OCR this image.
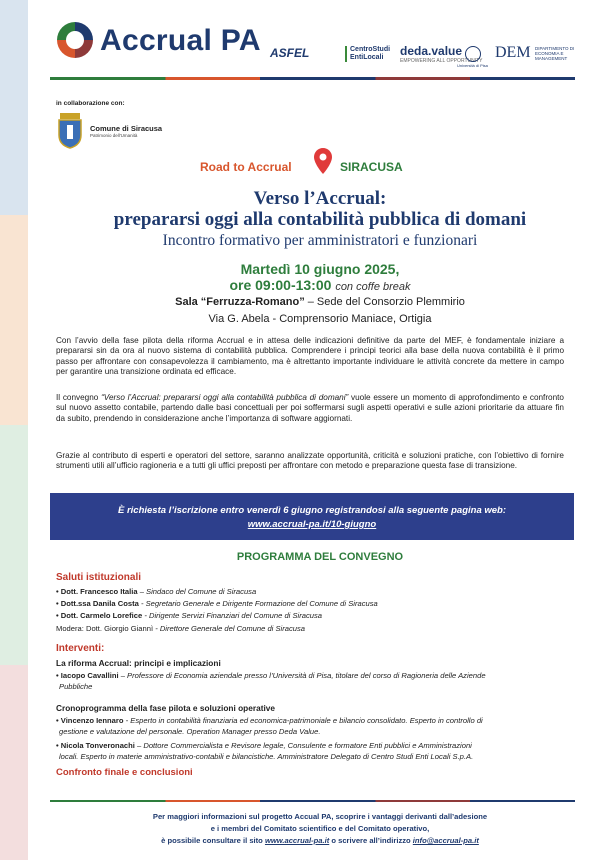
Accrual PA ASFEL	CentroStudi
EntiLocali	deda.value
EMPOWERING ALL OPPORTUNITY
Università di Pisa
DEM DIPARTIMENTO DI
ECONOMIA E
MANAGEMENT
in collaborazione con:
Comune di Siracusa
Patrimonio dell'Umanità
Road to Accrual	SIRACUSA
Verso l’Accrual:
prepararsi oggi alla contabilità pubblica di domani
Incontro formativo per amministratori e funzionari
Martedì 10 giugno 2025,
ore 09:00-13:00 con coffe break
Sala “Ferruzza-Romano” – Sede del Consorzio Plemmirio
Via G. Abela - Comprensorio Maniace, Ortigia
Con l’avvio della fase pilota della riforma Accrual e in attesa delle indicazioni definitive da parte del MEF, è fondamentale iniziare a prepararsi sin da ora al nuovo sistema di contabilità pubblica. Comprendere i principi teorici alla base della nuova contabilità è il primo passo per affrontare con consapevolezza il cambiamento, ma è altrettanto importante individuare le attività concrete da mettere in campo per garantire una transizione ordinata ed efficace.
Il convegno “Verso l’Accrual: prepararsi oggi alla contabilità pubblica di domani” vuole essere un momento di approfondimento e confronto sul nuovo assetto contabile, partendo dalle basi concettuali per poi soffermarsi sugli aspetti operativi e sulle azioni prioritarie da attuare fin da subito, prendendo in considerazione anche l’importanza di software aggiornati.
Grazie al contributo di esperti e operatori del settore, saranno analizzate opportunità, criticità e soluzioni pratiche, con l’obiettivo di fornire strumenti utili all’ufficio ragioneria e a tutti gli uffici preposti per affrontare con metodo e preparazione questa fase di transizione.
È richiesta l’iscrizione entro venerdì 6 giugno registrandosi alla seguente pagina web:
www.accrual-pa.it/10-giugno
PROGRAMMA DEL CONVEGNO
Saluti istituzionali
• Dott. Francesco Italia – Sindaco del Comune di Siracusa
• Dott.ssa Danila Costa - Segretario Generale e Dirigente Formazione del Comune di Siracusa
• Dott. Carmelo Lorefice - Dirigente Servizi Finanziari del Comune di Siracusa
Modera: Dott. Giorgio Giannì - Direttore Generale del Comune di Siracusa
Interventi:
La riforma Accrual: principi e implicazioni
• Iacopo Cavallini – Professore di Economia aziendale presso l’Università di Pisa, titolare del corso di Ragioneria delle Aziende
Pubbliche
Cronoprogramma della fase pilota e soluzioni operative
• Vincenzo Iennaro - Esperto in contabilità finanziaria ed economica-patrimoniale e bilancio consolidato. Esperto in controllo di
gestione e valutazione del personale. Operation Manager presso Deda Value.
• Nicola Tonveronachi – Dottore Commercialista e Revisore legale, Consulente e formatore Enti pubblici e Amministrazioni
locali. Esperto in materie amministrativo-contabili e bilancistiche. Amministratore Delegato di Centro Studi Enti Locali S.p.A.
Confronto finale e conclusioni
Per maggiori informazioni sul progetto Accual PA, scoprire i vantaggi derivanti dall’adesione
e i membri del Comitato scientifico e del Comitato operativo,
è possibile consultare il sito www.accrual-pa.it o scrivere all’indirizzo info@accrual-pa.it
